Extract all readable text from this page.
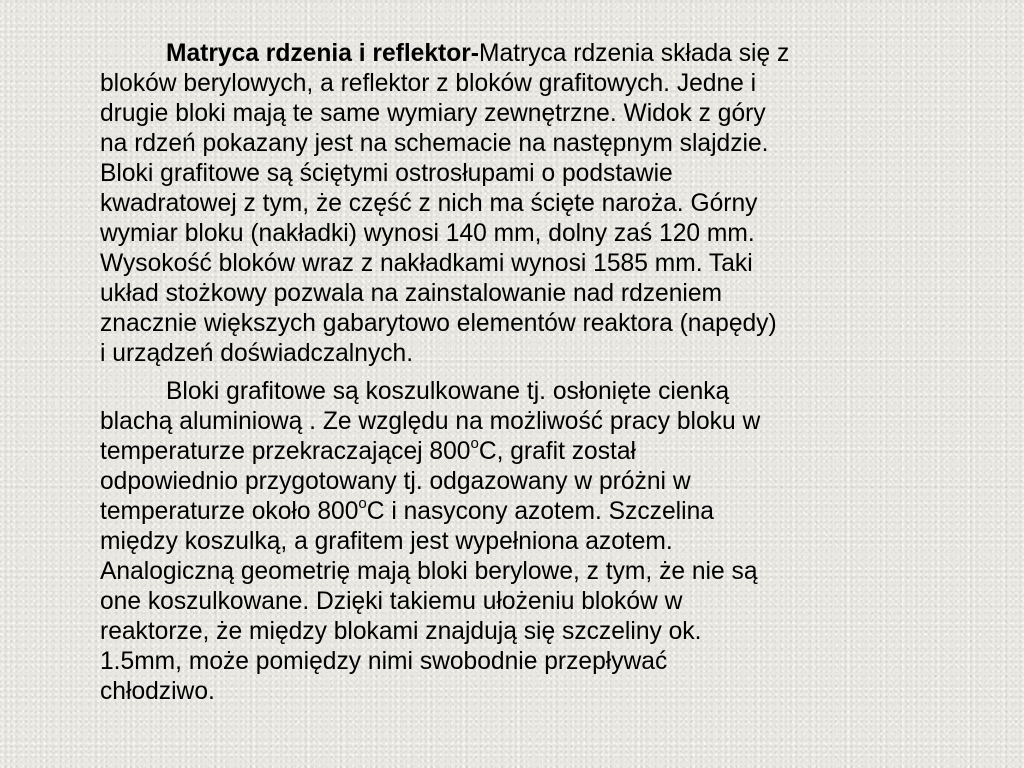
Matryca rdzenia i reflektor-Matryca rdzenia składa się z
bloków berylowych, a reflektor z bloków grafitowych. Jedne i
drugie bloki mają te same wymiary zewnętrzne. Widok z góry
na rdzeń pokazany jest na schemacie na następnym slajdzie.
Bloki grafitowe są ściętymi ostrosłupami o podstawie
kwadratowej z tym, że część z nich ma ścięte naroża. Górny
wymiar bloku (nakładki) wynosi 140 mm, dolny zaś 120 mm.
Wysokość bloków wraz z nakładkami wynosi 1585 mm. Taki
układ stożkowy pozwala na zainstalowanie nad rdzeniem
znacznie większych gabarytowo elementów reaktora (napędy)
i urządzeń doświadczalnych.

Bloki grafitowe są koszulkowane tj. osłonięte cienką
blachą aluminiową . Ze względu na możliwość pracy bloku w
temperaturze przekraczającej 800$^o$C, grafit został
odpowiednio przygotowany tj. odgazowany w próżni w
temperaturze około 800$^o$C i nasycony azotem. Szczelina
między koszulką, a grafitem jest wypełniona azotem.
Analogiczną geometrię mają bloki berylowe, z tym, że nie są
one koszulkowane. Dzięki takiemu ułożeniu bloków w
reaktorze, że między blokami znajdują się szczeliny ok.
1.5mm, może pomiędzy nimi swobodnie przepływać
chłodziwo.
